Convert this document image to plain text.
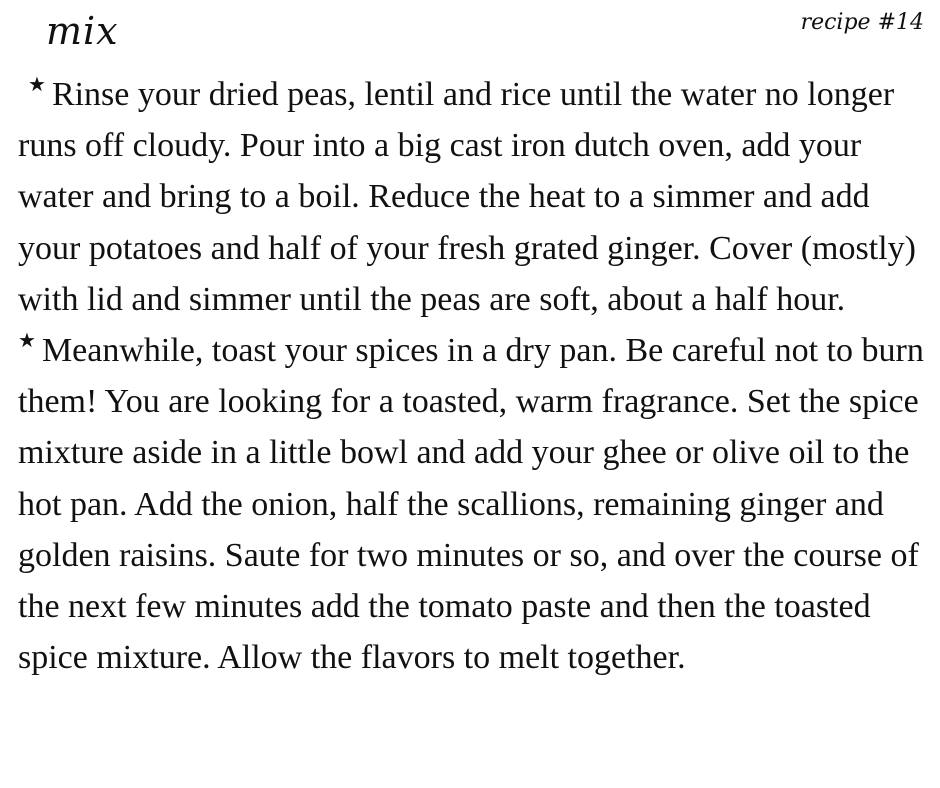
mix	recipe #14

★ Rinse your dried peas, lentil and rice until the water no longer runs off cloudy. Pour into a big cast iron dutch oven, add your water and bring to a boil. Reduce the heat to a simmer and add your potatoes and half of your fresh grated ginger. Cover (mostly) with lid and simmer until the peas are soft, about a half hour.

★ Meanwhile, toast your spices in a dry pan. Be careful not to burn them! You are looking for a toasted, warm fragrance. Set the spice mixture aside in a little bowl and add your ghee or olive oil to the hot pan. Add the onion, half the scallions, remaining ginger and golden raisins. Saute for two minutes or so, and over the course of the next few minutes add the tomato paste and then the toasted spice mixture. Allow the flavors to melt together.
